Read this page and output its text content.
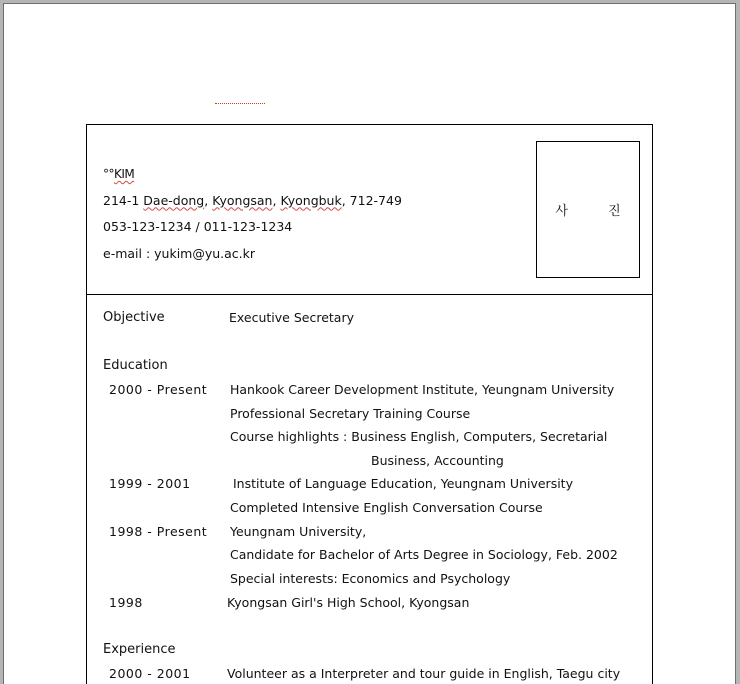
°°KIM
214-1 Dae-dong, Kyongsan, Kyongbuk, 712-749
053-123-1234 / 011-123-1234
e-mail : yukim@yu.ac.kr
사 진
Objective	Executive Secretary
Education
2000 - Present Hankook Career Development Institute, Yeungnam University
Professional Secretary Training Course
Course highlights : Business English, Computers, Secretarial
Business, Accounting
1999 - 2001	Institute of Language Education, Yeungnam University
Completed Intensive English Conversation Course
1998 - Present Yeungnam University,
Candidate for Bachelor of Arts Degree in Sociology, Feb. 2002
Special interests: Economics and Psychology
1998	Kyongsan Girl's High School, Kyongsan
Experience
2000 - 2001	Volunteer as a Interpreter and tour guide in English, Taegu city
